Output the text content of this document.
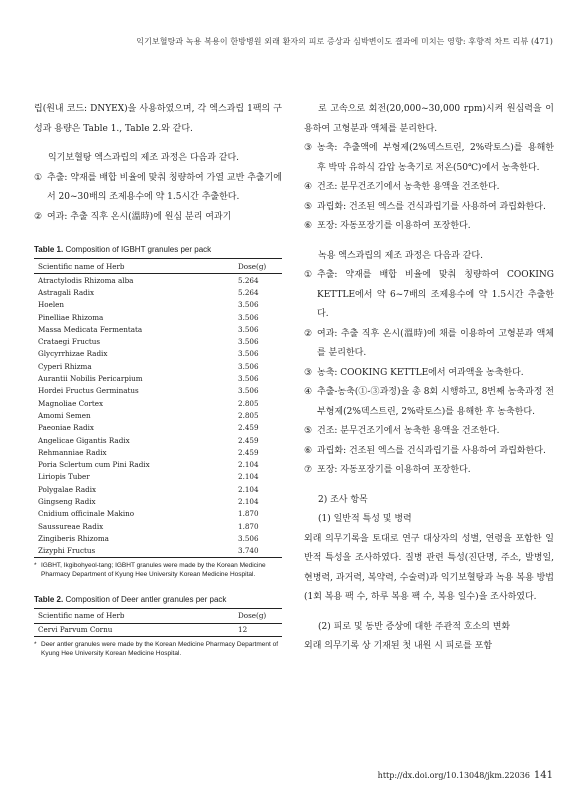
익기보혈탕과 녹용 복용이 한방병원 외래 환자의 피로 증상과 심박변이도 결과에 미치는 영향: 후향적 차트 리뷰 (471)

립(원내 코드: DNYEX)을 사용하였으며, 각 엑스과립 1팩의 구성과 용량은 Table 1., Table 2.와 같다.

익기보혈탕 엑스과립의 제조 과정은 다음과 같다.

① 추출: 약재를 배합 비율에 맞춰 칭량하여 가열 교반 추출기에서 20~30배의 조제용수에 약 1.5시간 추출한다.
② 여과: 추출 직후 온시(溫時)에 원심 분리 여과기
Table 1. Composition of IGBHT granules per pack
Scientific name of Herb	Dose(g)
Atractylodis Rhizoma alba	5.264
Astragali Radix	5.264
Hoelen	3.506
Pinelliae Rhizoma	3.506
Massa Medicata Fermentata	3.506
Crataegi Fructus	3.506
Glycyrrhizae Radix	3.506
Cyperi Rhizma	3.506
Aurantii Nobilis Pericarpium	3.506
Hordei Fructus Germinatus	3.506
Magnoliae Cortex	2.805
Amomi Semen	2.805
Paeoniae Radix	2.459
Angelicae Gigantis Radix	2.459
Rehmanniae Radix	2.459
Poria Sclertum cum Pini Radix	2.104
Liriopis Tuber	2.104
Polygalae Radix	2.104
Gingseng Radix	2.104
Cnidium officinale Makino	1.870
Saussureae Radix	1.870
Zingiberis Rhizoma	3.506
Zizyphi Fructus	3.740
* IGBHT, Ikgibohyeol-tang; IGBHT granules were made by the Korean Medicine Pharmacy Department of Kyung Hee University Korean Medicine Hospital.
Table 2. Composition of Deer antler granules per pack
Scientific name of Herb	Dose(g)
Cervi Parvum Cornu	12
* Deer antler granules were made by the Korean Medicine Pharmacy Department of Kyung Hee University Korean Medicine Hospital.

로 고속으로 회전(20,000~30,000 rpm)시켜 원심력을 이용하여 고형분과 액체를 분리한다.

③ 농축: 추출액에 부형제(2%덱스트린, 2%락토스)를 용해한 후 박막 유하식 감압 농축기로 저온(50℃)에서 농축한다.
④ 건조: 분무건조기에서 농축한 용액을 건조한다.
⑤ 과립화: 건조된 엑스를 건식과립기를 사용하여 과립화한다.
⑥ 포장: 자동포장기를 이용하여 포장한다.

녹용 엑스과립의 제조 과정은 다음과 같다.

① 추출: 약재를 배합 비율에 맞춰 칭량하여 COOKING KETTLE에서 약 6~7배의 조제용수에 약 1.5시간 추출한다.
② 여과: 추출 직후 온시(溫時)에 채를 이용하여 고형분과 액체를 분리한다.
③ 농축: COOKING KETTLE에서 여과액을 농축한다.
④ 추출-농축(①-③과정)을 총 8회 시행하고, 8번째 농축과정 전 부형제(2%덱스트린, 2%락토스)를 용해한 후 농축한다.
⑤ 건조: 분무건조기에서 농축한 용액을 건조한다.
⑥ 과립화: 건조된 엑스를 건식과립기를 사용하여 과립화한다.
⑦ 포장: 자동포장기를 이용하여 포장한다.
2) 조사 항목
(1) 일반적 특성 및 병력

외래 의무기록을 토대로 연구 대상자의 성별, 연령을 포함한 일반적 특성을 조사하였다. 질병 관련 특성(진단명, 주소, 발병일, 현병력, 과거력, 복약력, 수술력)과 익기보혈탕과 녹용 복용 방법(1회 복용 팩 수, 하루 복용 팩 수, 복용 일수)을 조사하였다.

(2) 피로 및 동반 증상에 대한 주관적 호소의 변화

외래 의무기록 상 기재된 첫 내원 시 피로를 포함

http://dx.doi.org/10.13048/jkm.22036 141
